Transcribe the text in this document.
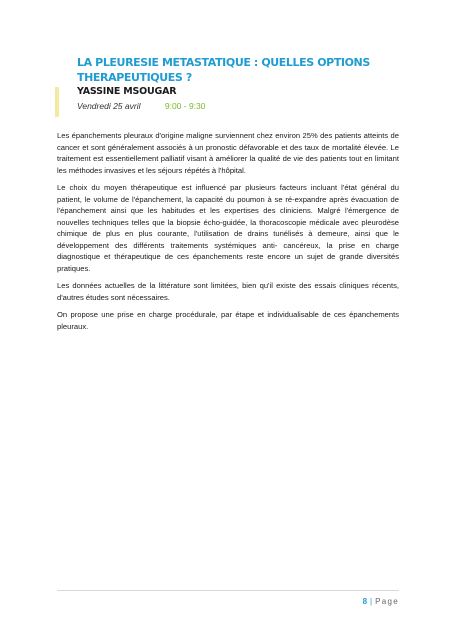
LA PLEURESIE METASTATIQUE : QUELLES OPTIONS
THERAPEUTIQUES ?
YASSINE MSOUGAR
Vendredi 25 avril	9:00 - 9:30

Les épanchements pleuraux d'origine maligne surviennent chez environ 25% des patients atteints de cancer et sont généralement associés à un pronostic défavorable et des taux de mortalité élevée. Le traitement est essentiellement palliatif visant à améliorer la qualité de vie des patients tout en limitant les méthodes invasives et les séjours répétés à l'hôpital.

Le choix du moyen thérapeutique est influencé par plusieurs facteurs incluant l'état général du patient, le volume de l'épanchement, la capacité du poumon à se ré-expandre après évacuation de l'épanchement ainsi que les habitudes et les expertises des cliniciens. Malgré l'émergence de nouvelles techniques telles que la biopsie écho-guidée, la thoracoscopie médicale avec pleurodèse chimique de plus en plus courante, l'utilisation de drains tunélisés à demeure, ainsi que le développement des différents traitements systémiques anti- cancéreux, la prise en charge diagnostique et thérapeutique de ces épanchements reste encore un sujet de grande diversités pratiques.

Les données actuelles de la littérature sont limitées, bien qu'il existe des essais cliniques récents, d'autres études sont nécessaires.

On propose une prise en charge procédurale, par étape et individualisable de ces épanchements pleuraux.

8 | Page
